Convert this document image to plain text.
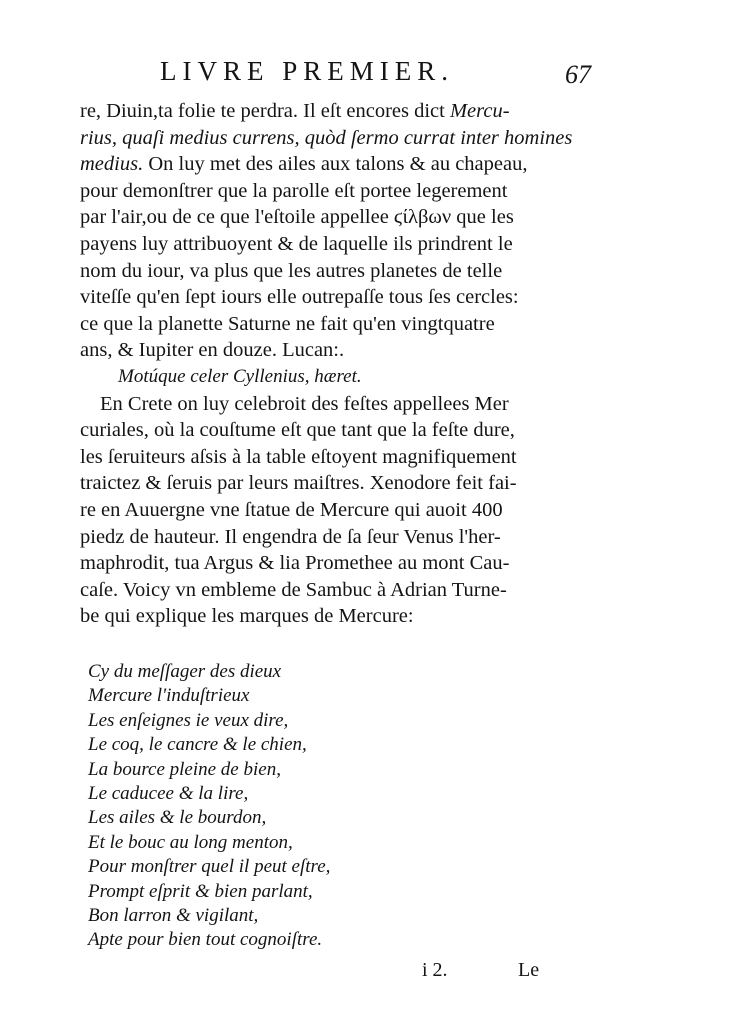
LIVRE PREMIER.	67
re, Diuin,ta folie te perdra. Il eſt encores dict Mercu-
rius, quaſi medius currens, quòd ſermo currat inter homines
medius. On luy met des ailes aux talons & au chapeau,
pour demonſtrer que la parolle eſt portee legerement
par l'air,ou de ce que l'eſtoile appellee ϛίλβων que les
payens luy attribuoyent & de laquelle ils prindrent le
nom du iour, va plus que les autres planetes de telle
viteſſe qu'en ſept iours elle outrepaſſe tous ſes cercles:
ce que la planette Saturne ne fait qu'en vingtquatre
ans, & Iupiter en douze. Lucan:.
Motúque celer Cyllenius, hæret.
En Crete on luy celebroit des feſtes appellees Mer
curiales, où la couſtume eſt que tant que la feſte dure,
les ſeruiteurs aſsis à la table eſtoyent magnifiquement
traictez & ſeruis par leurs maiſtres. Xenodore feit fai-
re en Auuergne vne ſtatue de Mercure qui auoit 400
piedz de hauteur. Il engendra de ſa ſeur Venus l'her-
maphrodit, tua Argus & lia Promethee au mont Cau-
caſe. Voicy vn embleme de Sambuc à Adrian Turne-
be qui explique les marques de Mercure:
Cy du meſſager des dieux
Mercure l'induſtrieux
Les enſeignes ie veux dire,
Le coq, le cancre & le chien,
La bource pleine de bien,
Le caducee & la lire,
Les ailes & le bourdon,
Et le bouc au long menton,
Pour monſtrer quel il peut eſtre,
Prompt eſprit & bien parlant,
Bon larron & vigilant,
Apte pour bien tout cognoiſtre.
i 2.	Le
